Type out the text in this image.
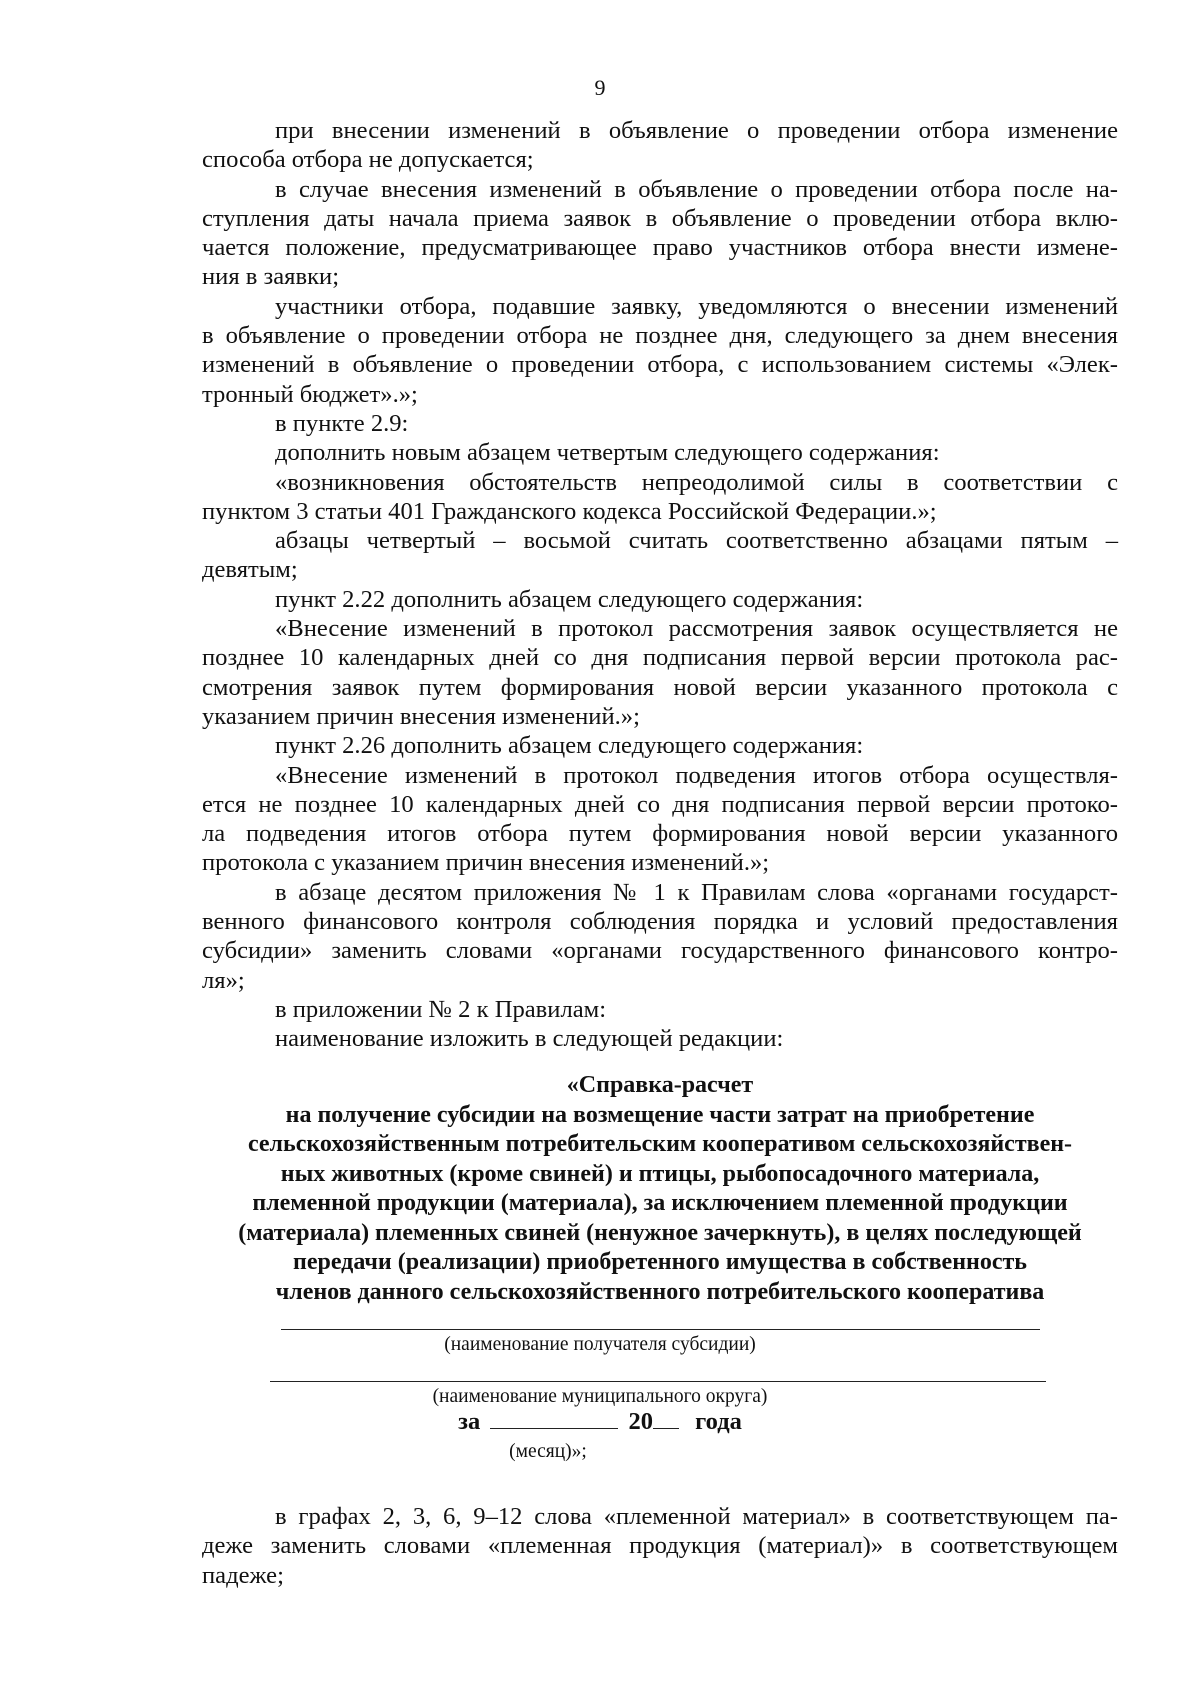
9

при внесении изменений в объявление о проведении отбора изменение

способа отбора не допускается;

в случае внесения изменений в объявление о проведении отбора после на-

ступления даты начала приема заявок в объявление о проведении отбора вклю-

чается положение, предусматривающее право участников отбора внести измене-

ния в заявки;

участники отбора, подавшие заявку, уведомляются о внесении изменений

в объявление о проведении отбора не позднее дня, следующего за днем внесения

изменений в объявление о проведении отбора, с использованием системы «Элек-

тронный бюджет».»;

в пункте 2.9:

дополнить новым абзацем четвертым следующего содержания:

«возникновения обстоятельств непреодолимой силы в соответствии с

пунктом 3 статьи 401 Гражданского кодекса Российской Федерации.»;

абзацы четвертый – восьмой считать соответственно абзацами пятым –

девятым;

пункт 2.22 дополнить абзацем следующего содержания:

«Внесение изменений в протокол рассмотрения заявок осуществляется не

позднее 10 календарных дней со дня подписания первой версии протокола рас-

смотрения заявок путем формирования новой версии указанного протокола с

указанием причин внесения изменений.»;

пункт 2.26 дополнить абзацем следующего содержания:

«Внесение изменений в протокол подведения итогов отбора осуществля-

ется не позднее 10 календарных дней со дня подписания первой версии протоко-

ла подведения итогов отбора путем формирования новой версии указанного

протокола с указанием причин внесения изменений.»;

в абзаце десятом приложения № 1 к Правилам слова «органами государст-

венного финансового контроля соблюдения порядка и условий предоставления

субсидии» заменить словами «органами государственного финансового контро-

ля»;

в приложении № 2 к Правилам:

наименование изложить в следующей редакции:

«Справка-расчет
на получение субсидии на возмещение части затрат на приобретение
сельскохозяйственным потребительским кооперативом сельскохозяйствен-
ных животных (кроме свиней) и птицы, рыбопосадочного материала,
племенной продукции (материала), за исключением племенной продукции
(материала) племенных свиней (ненужное зачеркнуть), в целях последующей
передачи (реализации) приобретенного имущества в собственность
членов данного сельскохозяйственного потребительского кооператива
(наименование получателя субсидии)
(наименование муниципального округа)
за	20 года
(месяц)»;

в графах 2, 3, 6, 9–12 слова «племенной материал» в соответствующем па-

деже заменить словами «племенная продукция (материал)» в соответствующем

падеже;
